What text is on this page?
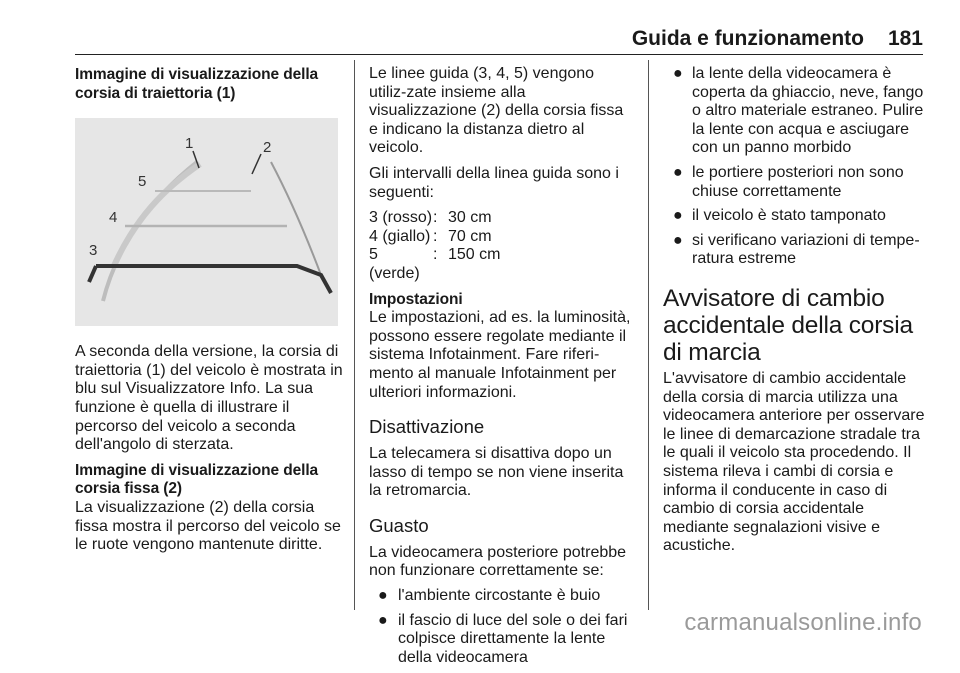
Guida e funzionamento 181

Immagine di visualizzazione della corsia di traiettoria (1)

1	2
5
4
3

A seconda della versione, la corsia di traiettoria (1) del veicolo è mostrata in blu sul Visualizzatore Info. La sua funzione è quella di illustrare il percorso del veicolo a seconda dell'angolo di sterzata.

Immagine di visualizzazione della corsia fissa (2)

La visualizzazione (2) della corsia fissa mostra il percorso del veicolo se le ruote vengono mantenute diritte.

Le linee guida (3, 4, 5) vengono utiliz-zate insieme alla visualizzazione (2) della corsia fissa e indicano la distanza dietro al veicolo.

Gli intervalli della linea guida sono i seguenti:

3 (rosso) : 30 cm
4 (giallo) : 70 cm
5 (verde)
: 150 cm

Impostazioni

Le impostazioni, ad es. la luminosità, possono essere regolate mediante il sistema Infotainment. Fare riferi-mento al manuale Infotainment per ulteriori informazioni.

Disattivazione

La telecamera si disattiva dopo un lasso di tempo se non viene inserita la retromarcia.

Guasto

La videocamera posteriore potrebbe non funzionare correttamente se:

● l'ambiente circostante è buio
● il fascio di luce del sole o dei fari colpisce direttamente la lente della videocamera
● la lente della videocamera è coperta da ghiaccio, neve, fango o altro materiale estraneo. Pulire la lente con acqua e asciugare con un panno morbido
● le portiere posteriori non sono chiuse correttamente
● il veicolo è stato tamponato
● si verificano variazioni di tempe-ratura estreme

Avvisatore di cambio accidentale della corsia di marcia

L'avvisatore di cambio accidentale della corsia di marcia utilizza una videocamera anteriore per osservare le linee di demarcazione stradale tra le quali il veicolo sta procedendo. Il sistema rileva i cambi di corsia e informa il conducente in caso di cambio di corsia accidentale mediante segnalazioni visive e acustiche.

carmanualsonline.info
